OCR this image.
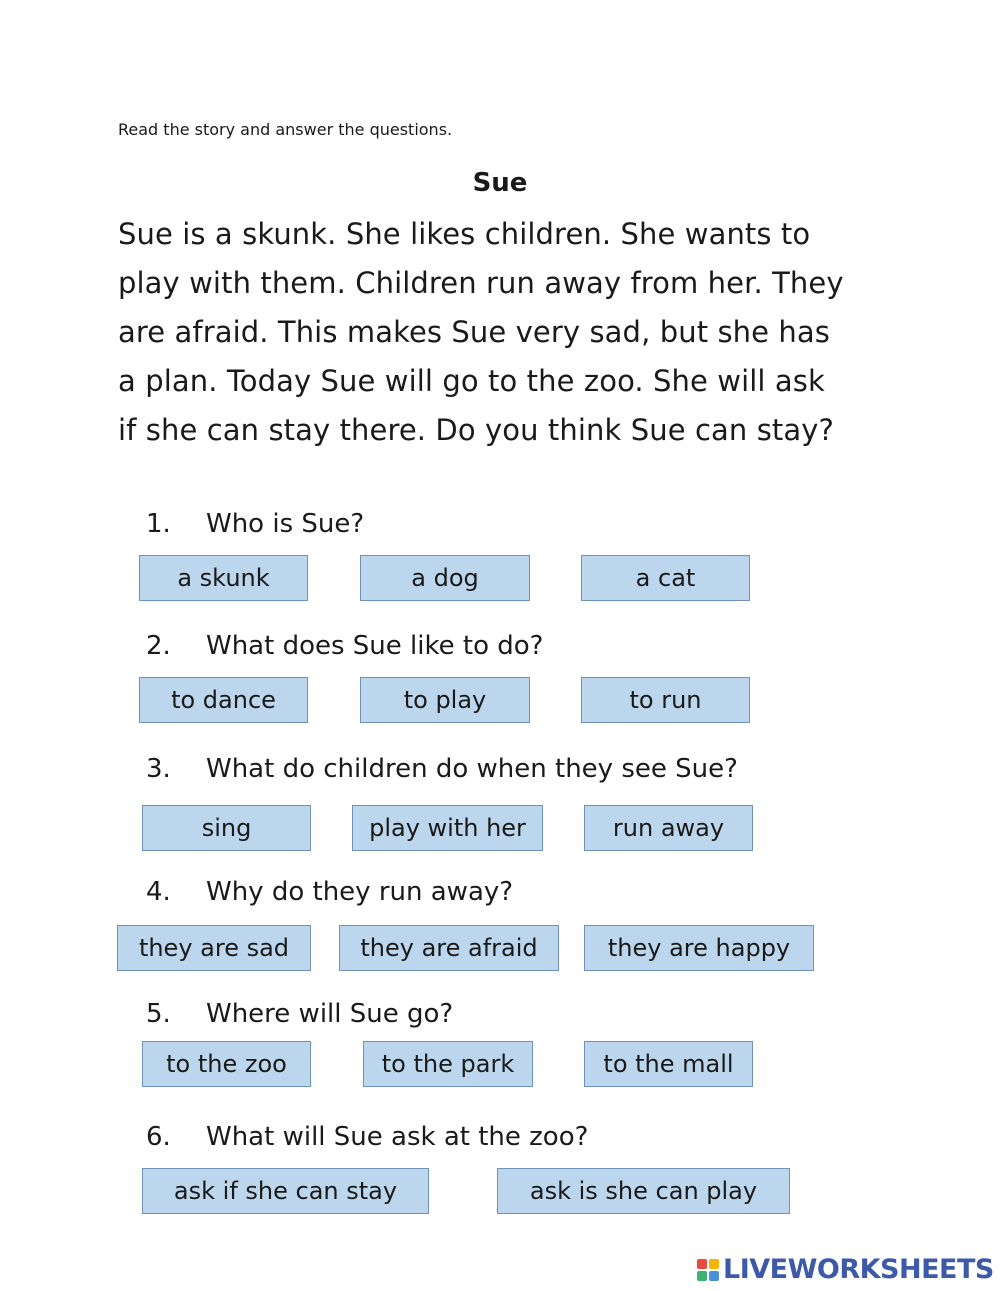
Read the story and answer the questions.
Sue
Sue is a skunk. She likes children. She wants to
play with them. Children run away from her. They
are afraid. This makes Sue very sad, but she has
a plan. Today Sue will go to the zoo. She will ask
if she can stay there. Do you think Sue can stay?
1. Who is Sue?
a skunk	a dog	a cat
2. What does Sue like to do?
to dance	to play	to run
3. What do children do when they see Sue?
sing	play with her	run away
4. Why do they run away?
they are sad	they are afraid	they are happy
5. Where will Sue go?
to the zoo	to the park	to the mall
6. What will Sue ask at the zoo?
ask if she can stay	ask is she can play
LIVEWORKSHEETS
